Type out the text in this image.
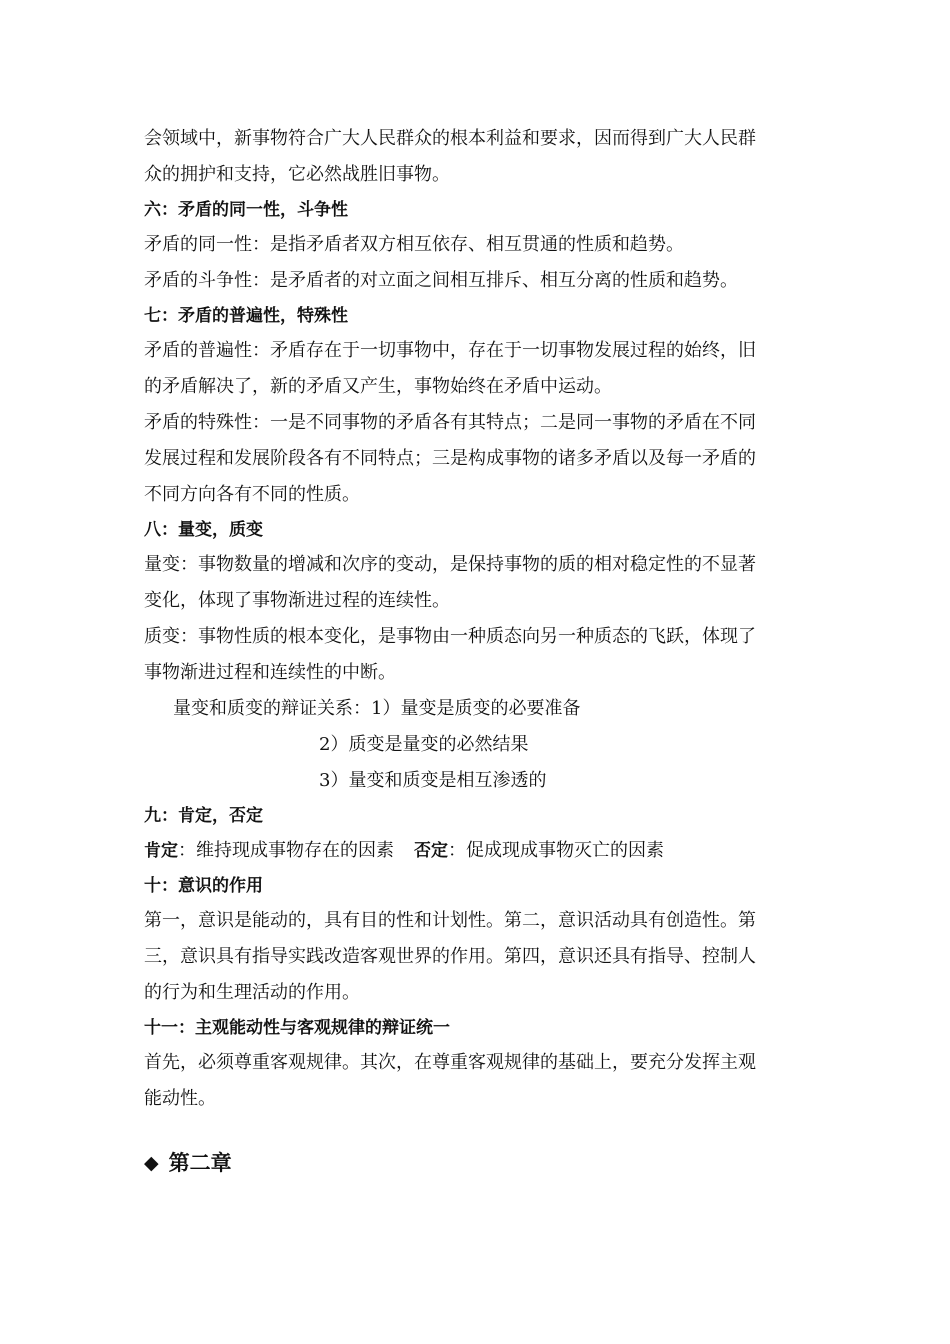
会领域中，新事物符合广大人民群众的根本利益和要求，因而得到广大人民群
众的拥护和支持，它必然战胜旧事物。
六：矛盾的同一性，斗争性
矛盾的同一性：是指矛盾者双方相互依存、相互贯通的性质和趋势。
矛盾的斗争性：是矛盾者的对立面之间相互排斥、相互分离的性质和趋势。
七：矛盾的普遍性，特殊性
矛盾的普遍性：矛盾存在于一切事物中，存在于一切事物发展过程的始终，旧
的矛盾解决了，新的矛盾又产生，事物始终在矛盾中运动。
矛盾的特殊性：一是不同事物的矛盾各有其特点；二是同一事物的矛盾在不同
发展过程和发展阶段各有不同特点；三是构成事物的诸多矛盾以及每一矛盾的
不同方向各有不同的性质。
八：量变，质变
量变：事物数量的增减和次序的变动，是保持事物的质的相对稳定性的不显著
变化，体现了事物渐进过程的连续性。
质变：事物性质的根本变化，是事物由一种质态向另一种质态的飞跃，体现了
事物渐进过程和连续性的中断。
量变和质变的辩证关系：1）量变是质变的必要准备
2）质变是量变的必然结果
3）量变和质变是相互渗透的
九：肯定，否定
肯定：维持现成事物存在的因素 否定：促成现成事物灭亡的因素
十：意识的作用
第一，意识是能动的，具有目的性和计划性。第二，意识活动具有创造性。第
三，意识具有指导实践改造客观世界的作用。第四，意识还具有指导、控制人
的行为和生理活动的作用。
十一：主观能动性与客观规律的辩证统一
首先，必须尊重客观规律。其次，在尊重客观规律的基础上，要充分发挥主观
能动性。
◆ 第二章
